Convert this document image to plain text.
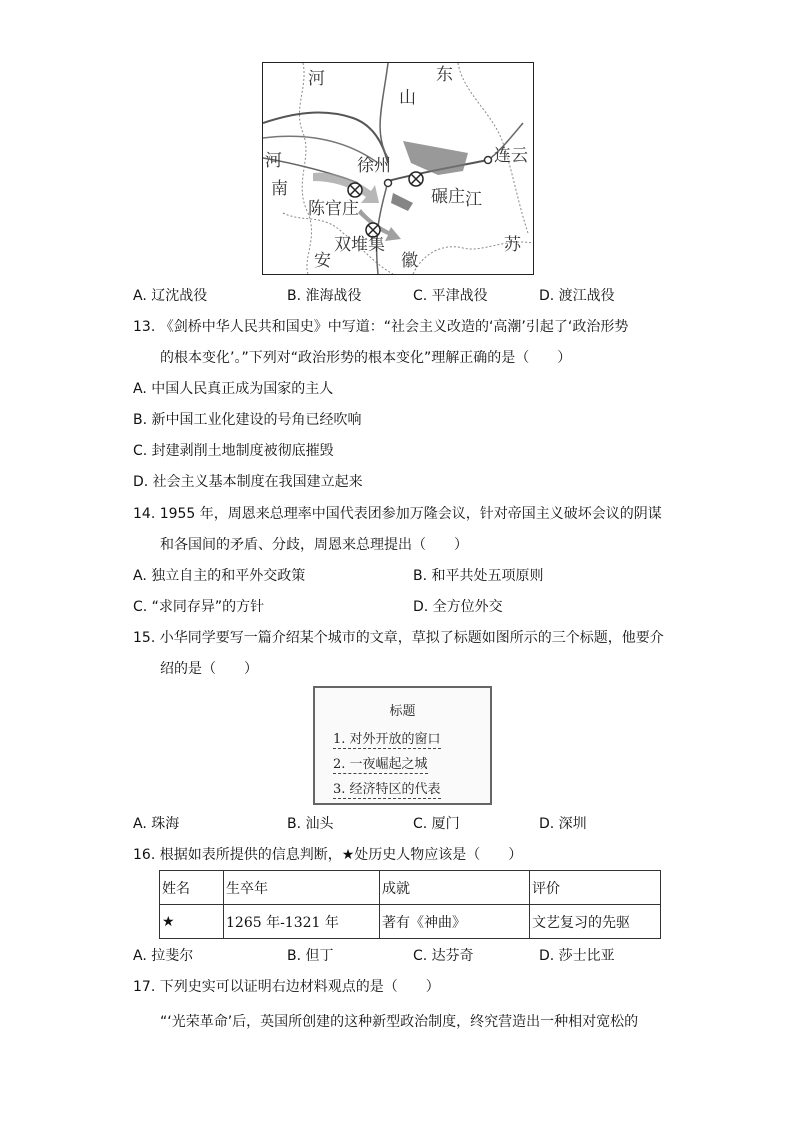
河	东
山
连云
河	徐州
南	碾庄 江
陈官庄
双堆集
安	徽
苏
A. 辽沈战役	B. 淮海战役	C. 平津战役	D. 渡江战役
13. 《剑桥中华人民共和国史》中写道：“社会主义改造的‘高潮’引起了‘政治形势
的根本变化’。”下列对“政治形势的根本变化”理解正确的是（　　）
A. 中国人民真正成为国家的主人
B. 新中国工业化建设的号角已经吹响
C. 封建剥削土地制度被彻底摧毁
D. 社会主义基本制度在我国建立起来
14. 1955 年，周恩来总理率中国代表团参加万隆会议，针对帝国主义破坏会议的阴谋
和各国间的矛盾、分歧，周恩来总理提出（　　）
A. 独立自主的和平外交政策	B. 和平共处五项原则
C. “求同存异”的方针	D. 全方位外交
15. 小华同学要写一篇介绍某个城市的文章，草拟了标题如图所示的三个标题，他要介
绍的是（　　）
标题
1. 对外开放的窗口
2. 一夜崛起之城
3. 经济特区的代表
A. 珠海	B. 汕头	C. 厦门	D. 深圳
16. 根据如表所提供的信息判断，★处历史人物应该是（　　）
姓名	生卒年	成就	评价
★	1265 年-1321 年	著有《神曲》	文艺复习的先驱
A. 拉斐尔	B. 但丁	C. 达芬奇	D. 莎士比亚
17. 下列史实可以证明右边材料观点的是（　　）
“‘光荣革命’后，英国所创建的这种新型政治制度，终究营造出一种相对宽松的
